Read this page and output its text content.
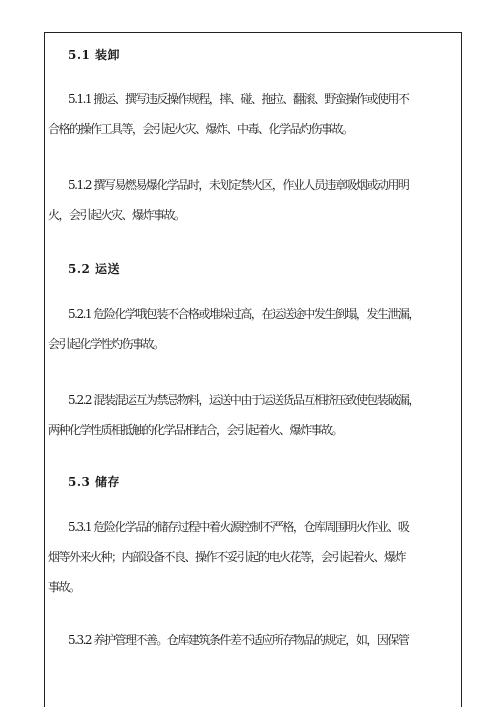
5.1 装卸
5.1.1 搬运、撰写违反操作规程，摔、碰、拖拉、翻滚、野蛮操作或使用不
合格的操作工具等，会引起火灾、爆炸、中毒、化学品灼伤事故。
5.1.2 撰写易燃易爆化学品时，未划定禁火区，作业人员违章吸烟或动用明
火，会引起火灾、爆炸事故。
5.2 运送
5.2.1 危险化学哦包装不合格或堆垛过高，在运送途中发生倒塌，发生泄漏，
会引起化学性灼伤事故。
5.2.2 混装混运互为禁忌物料，运送中由于运送货品互相挤压致使包装破漏，
两种化学性质相抵触的化学品相结合，会引起着火、爆炸事故。
5.3 储存
5.3.1 危险化学品的储存过程中着火源控制不严格，仓库周围明火作业、吸
烟等外来火种；内部设备不良、操作不妥引起的电火花等，会引起着火、爆炸
事故。
5.3.2 养护管理不善。仓库建筑条件差不适应所存物品的规定，如，因保管
